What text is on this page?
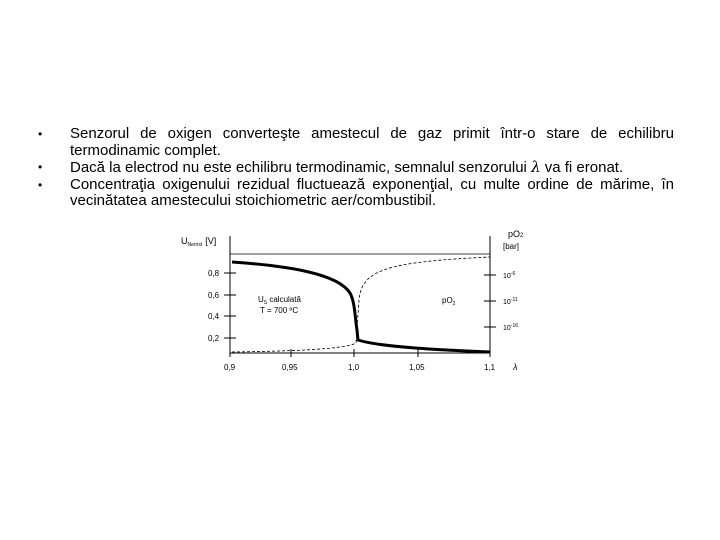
• Senzorul de oxigen converteşte amestecul de gaz primit într-o stare de echilibru termodinamic complet.
• Dacă la electrod nu este echilibru termodinamic, semnalul senzorului λ va fi eronat.
• Concentraţia oxigenului rezidual fluctuează exponenţial, cu multe ordine de mărime, în vecinătatea amestecului stoichiometric aer/combustibil.
$U_{Nernst}$ [V]
0,8
0,6
0,4
0,2
pO2
[bar]
$10^{-6}$
$10^{-11}$
$10^{-16}$
0,9	0,95	1,0	1,05	1,1 λ
$U_S$ calculată
T = 700 ºC
$pO_2$
